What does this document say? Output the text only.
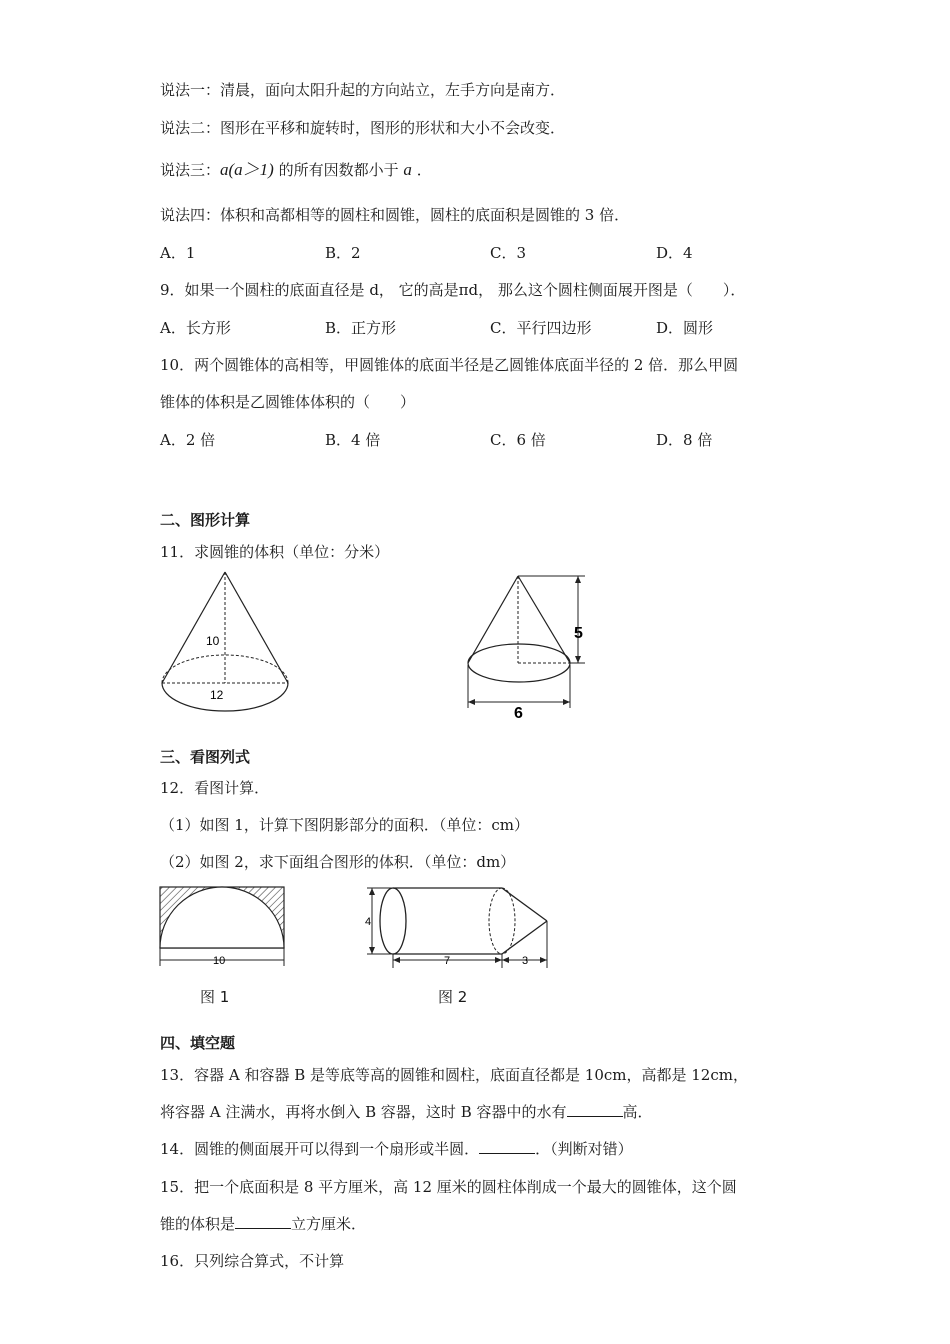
说法一：清晨，面向太阳升起的方向站立，左手方向是南方．
说法二：图形在平移和旋转时，图形的形状和大小不会改变．
说法三：a(a＞1) 的所有因数都小于 a ．
说法四：体积和高都相等的圆柱和圆锥，圆柱的底面积是圆锥的 3 倍．
A．1	B．2	C．3	D．4
9．如果一个圆柱的底面直径是 d， 它的高是πd， 那么这个圆柱侧面展开图是（　　）．
A．长方形	B．正方形	C．平行四边形	D．圆形
10．两个圆锥体的高相等，甲圆锥体的底面半径是乙圆锥体底面半径的 2 倍．那么甲圆
锥体的体积是乙圆锥体体积的（　　）
A．2 倍	B．4 倍	C．6 倍	D．8 倍
二、图形计算
11．求圆锥的体积（单位：分米）
10
12
5
6
三、看图列式
12．看图计算．
（1）如图 1，计算下图阴影部分的面积．（单位：cm）
（2）如图 2，求下面组合图形的体积．（单位：dm）
10
图 1
4
7	3
图 2
四、填空题
13．容器 A 和容器 B 是等底等高的圆锥和圆柱，底面直径都是 10cm，高都是 12cm，
将容器 A 注满水，再将水倒入 B 容器，这时 B 容器中的水有	高．
14．圆锥的侧面展开可以得到一个扇形或半圆．	．（判断对错）
15．把一个底面积是 8 平方厘米，高 12 厘米的圆柱体削成一个最大的圆锥体，这个圆
锥的体积是	立方厘米．
16．只列综合算式，不计算
